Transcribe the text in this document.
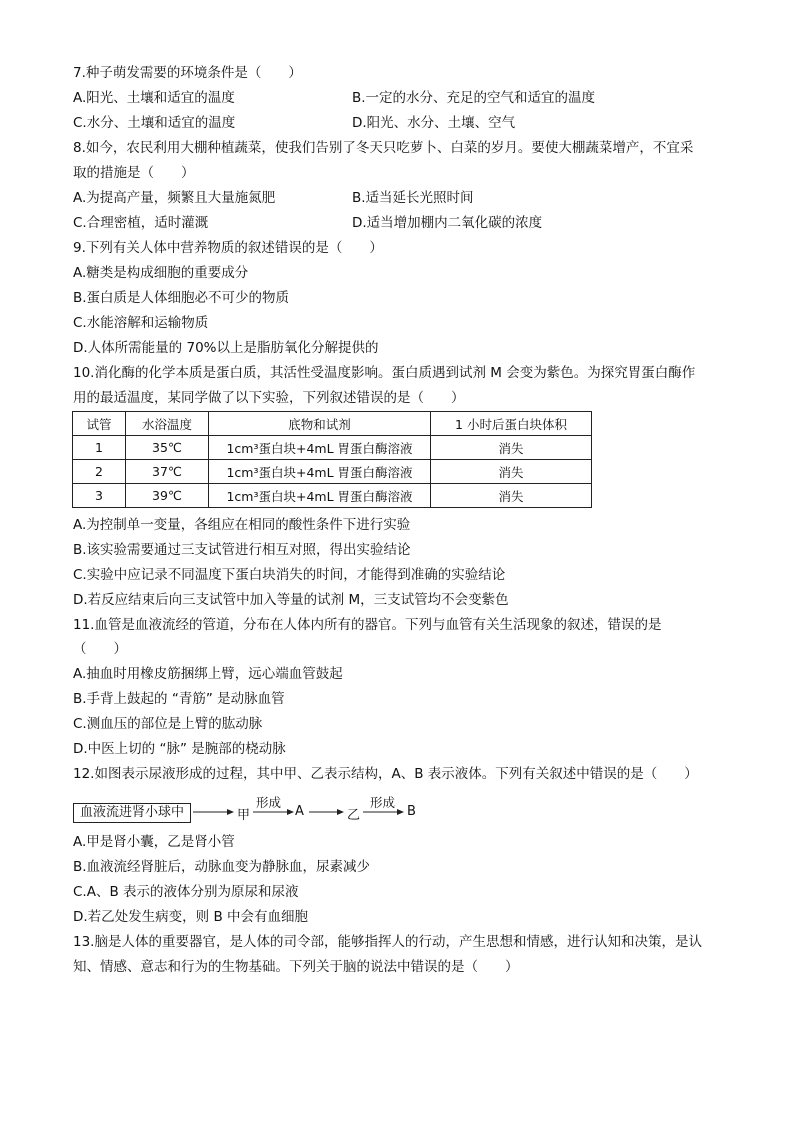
7.种子萌发需要的环境条件是（　　）
A.阳光、土壤和适宜的温度	B.一定的水分、充足的空气和适宜的温度
C.水分、土壤和适宜的温度	D.阳光、水分、土壤、空气
8.如今，农民利用大棚种植蔬菜，使我们告别了冬天只吃萝卜、白菜的岁月。要使大棚蔬菜增产，不宜采
取的措施是（　　）
A.为提高产量，频繁且大量施氮肥	B.适当延长光照时间
C.合理密植，适时灌溉	D.适当增加棚内二氧化碳的浓度
9.下列有关人体中营养物质的叙述错误的是（　　）
A.糖类是构成细胞的重要成分
B.蛋白质是人体细胞必不可少的物质
C.水能溶解和运输物质
D.人体所需能量的 70%以上是脂肪氧化分解提供的
10.消化酶的化学本质是蛋白质，其活性受温度影响。蛋白质遇到试剂 M 会变为紫色。为探究胃蛋白酶作
用的最适温度，某同学做了以下实验，下列叙述错误的是（　　）
试管	水浴温度	底物和试剂	1 小时后蛋白块体积
1	35℃	1cm³蛋白块+4mL 胃蛋白酶溶液	消失
2	37℃	1cm³蛋白块+4mL 胃蛋白酶溶液	消失
3	39℃	1cm³蛋白块+4mL 胃蛋白酶溶液	消失
A.为控制单一变量，各组应在相同的酸性条件下进行实验
B.该实验需要通过三支试管进行相互对照，得出实验结论
C.实验中应记录不同温度下蛋白块消失的时间，才能得到准确的实验结论
D.若反应结束后向三支试管中加入等量的试剂 M，三支试管均不会变紫色
11.血管是血液流经的管道，分布在人体内所有的器官。下列与血管有关生活现象的叙述，错误的是
（　　）
A.抽血时用橡皮筋捆绑上臂，远心端血管鼓起
B.手背上鼓起的 “青筋” 是动脉血管
C.测血压的部位是上臂的肱动脉
D.中医上切的 “脉” 是腕部的桡动脉
12.如图表示尿液形成的过程，其中甲、乙表示结构，A、B 表示液体。下列有关叙述中错误的是（　　）
血液流进肾小球中	甲
形成
A	乙
形成
B
A.甲是肾小囊，乙是肾小管
B.血液流经肾脏后，动脉血变为静脉血，尿素减少
C.A、B 表示的液体分别为原尿和尿液
D.若乙处发生病变，则 B 中会有血细胞
13.脑是人体的重要器官，是人体的司令部，能够指挥人的行动，产生思想和情感，进行认知和决策，是认
知、情感、意志和行为的生物基础。下列关于脑的说法中错误的是（　　）
